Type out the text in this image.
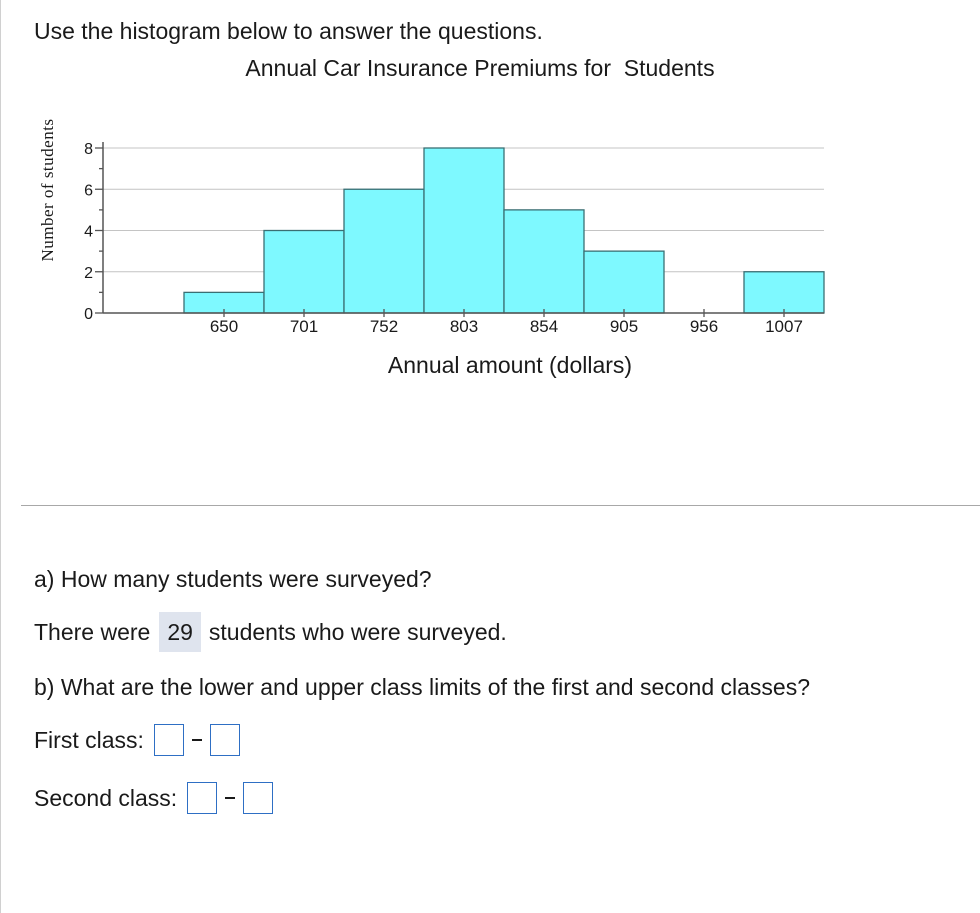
Use the histogram below to answer the questions.
Annual Car Insurance Premiums for  Students
0
2
4
6
8
650	701	752	803	854	905	956	1007
Annual amount (dollars)
Number of students
a) How many students were surveyed?
There were 29 students who were surveyed.
b) What are the lower and upper class limits of the first and second classes?
First class:
Second class:
